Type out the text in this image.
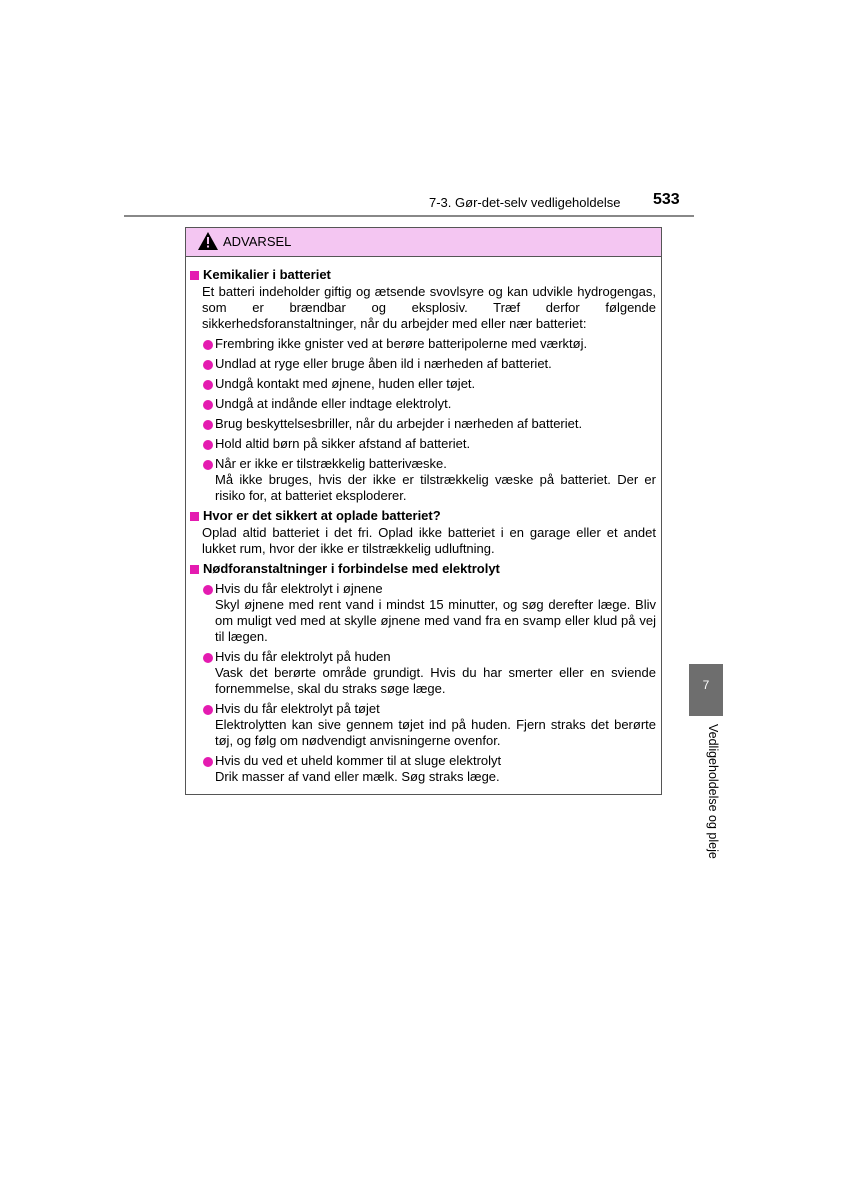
7-3. Gør-det-selv vedligeholdelse 533
ADVARSEL
Kemikalier i batteriet
Et batteri indeholder giftig og ætsende svovlsyre og kan udvikle hydrogengas, som er brændbar og eksplosiv. Træf derfor følgende sikkerhedsforanstaltninger, når du arbejder med eller nær batteriet:
Frembring ikke gnister ved at berøre batteripolerne med værktøj.
Undlad at ryge eller bruge åben ild i nærheden af batteriet.
Undgå kontakt med øjnene, huden eller tøjet.
Undgå at indånde eller indtage elektrolyt.
Brug beskyttelsesbriller, når du arbejder i nærheden af batteriet.
Hold altid børn på sikker afstand af batteriet.
Når er ikke er tilstrækkelig batterivæske.
Må ikke bruges, hvis der ikke er tilstrækkelig væske på batteriet. Der er risiko for, at batteriet eksploderer.
Hvor er det sikkert at oplade batteriet?
Oplad altid batteriet i det fri. Oplad ikke batteriet i en garage eller et andet lukket rum, hvor der ikke er tilstrækkelig udluftning.
Nødforanstaltninger i forbindelse med elektrolyt
Hvis du får elektrolyt i øjnene
Skyl øjnene med rent vand i mindst 15 minutter, og søg derefter læge. Bliv om muligt ved med at skylle øjnene med vand fra en svamp eller klud på vej til lægen.
Hvis du får elektrolyt på huden
Vask det berørte område grundigt. Hvis du har smerter eller en sviende fornemmelse, skal du straks søge læge.
Hvis du får elektrolyt på tøjet
Elektrolytten kan sive gennem tøjet ind på huden. Fjern straks det berørte tøj, og følg om nødvendigt anvisningerne ovenfor.
Hvis du ved et uheld kommer til at sluge elektrolyt
Drik masser af vand eller mælk. Søg straks læge.
7
Vedligeholdelse og pleje
